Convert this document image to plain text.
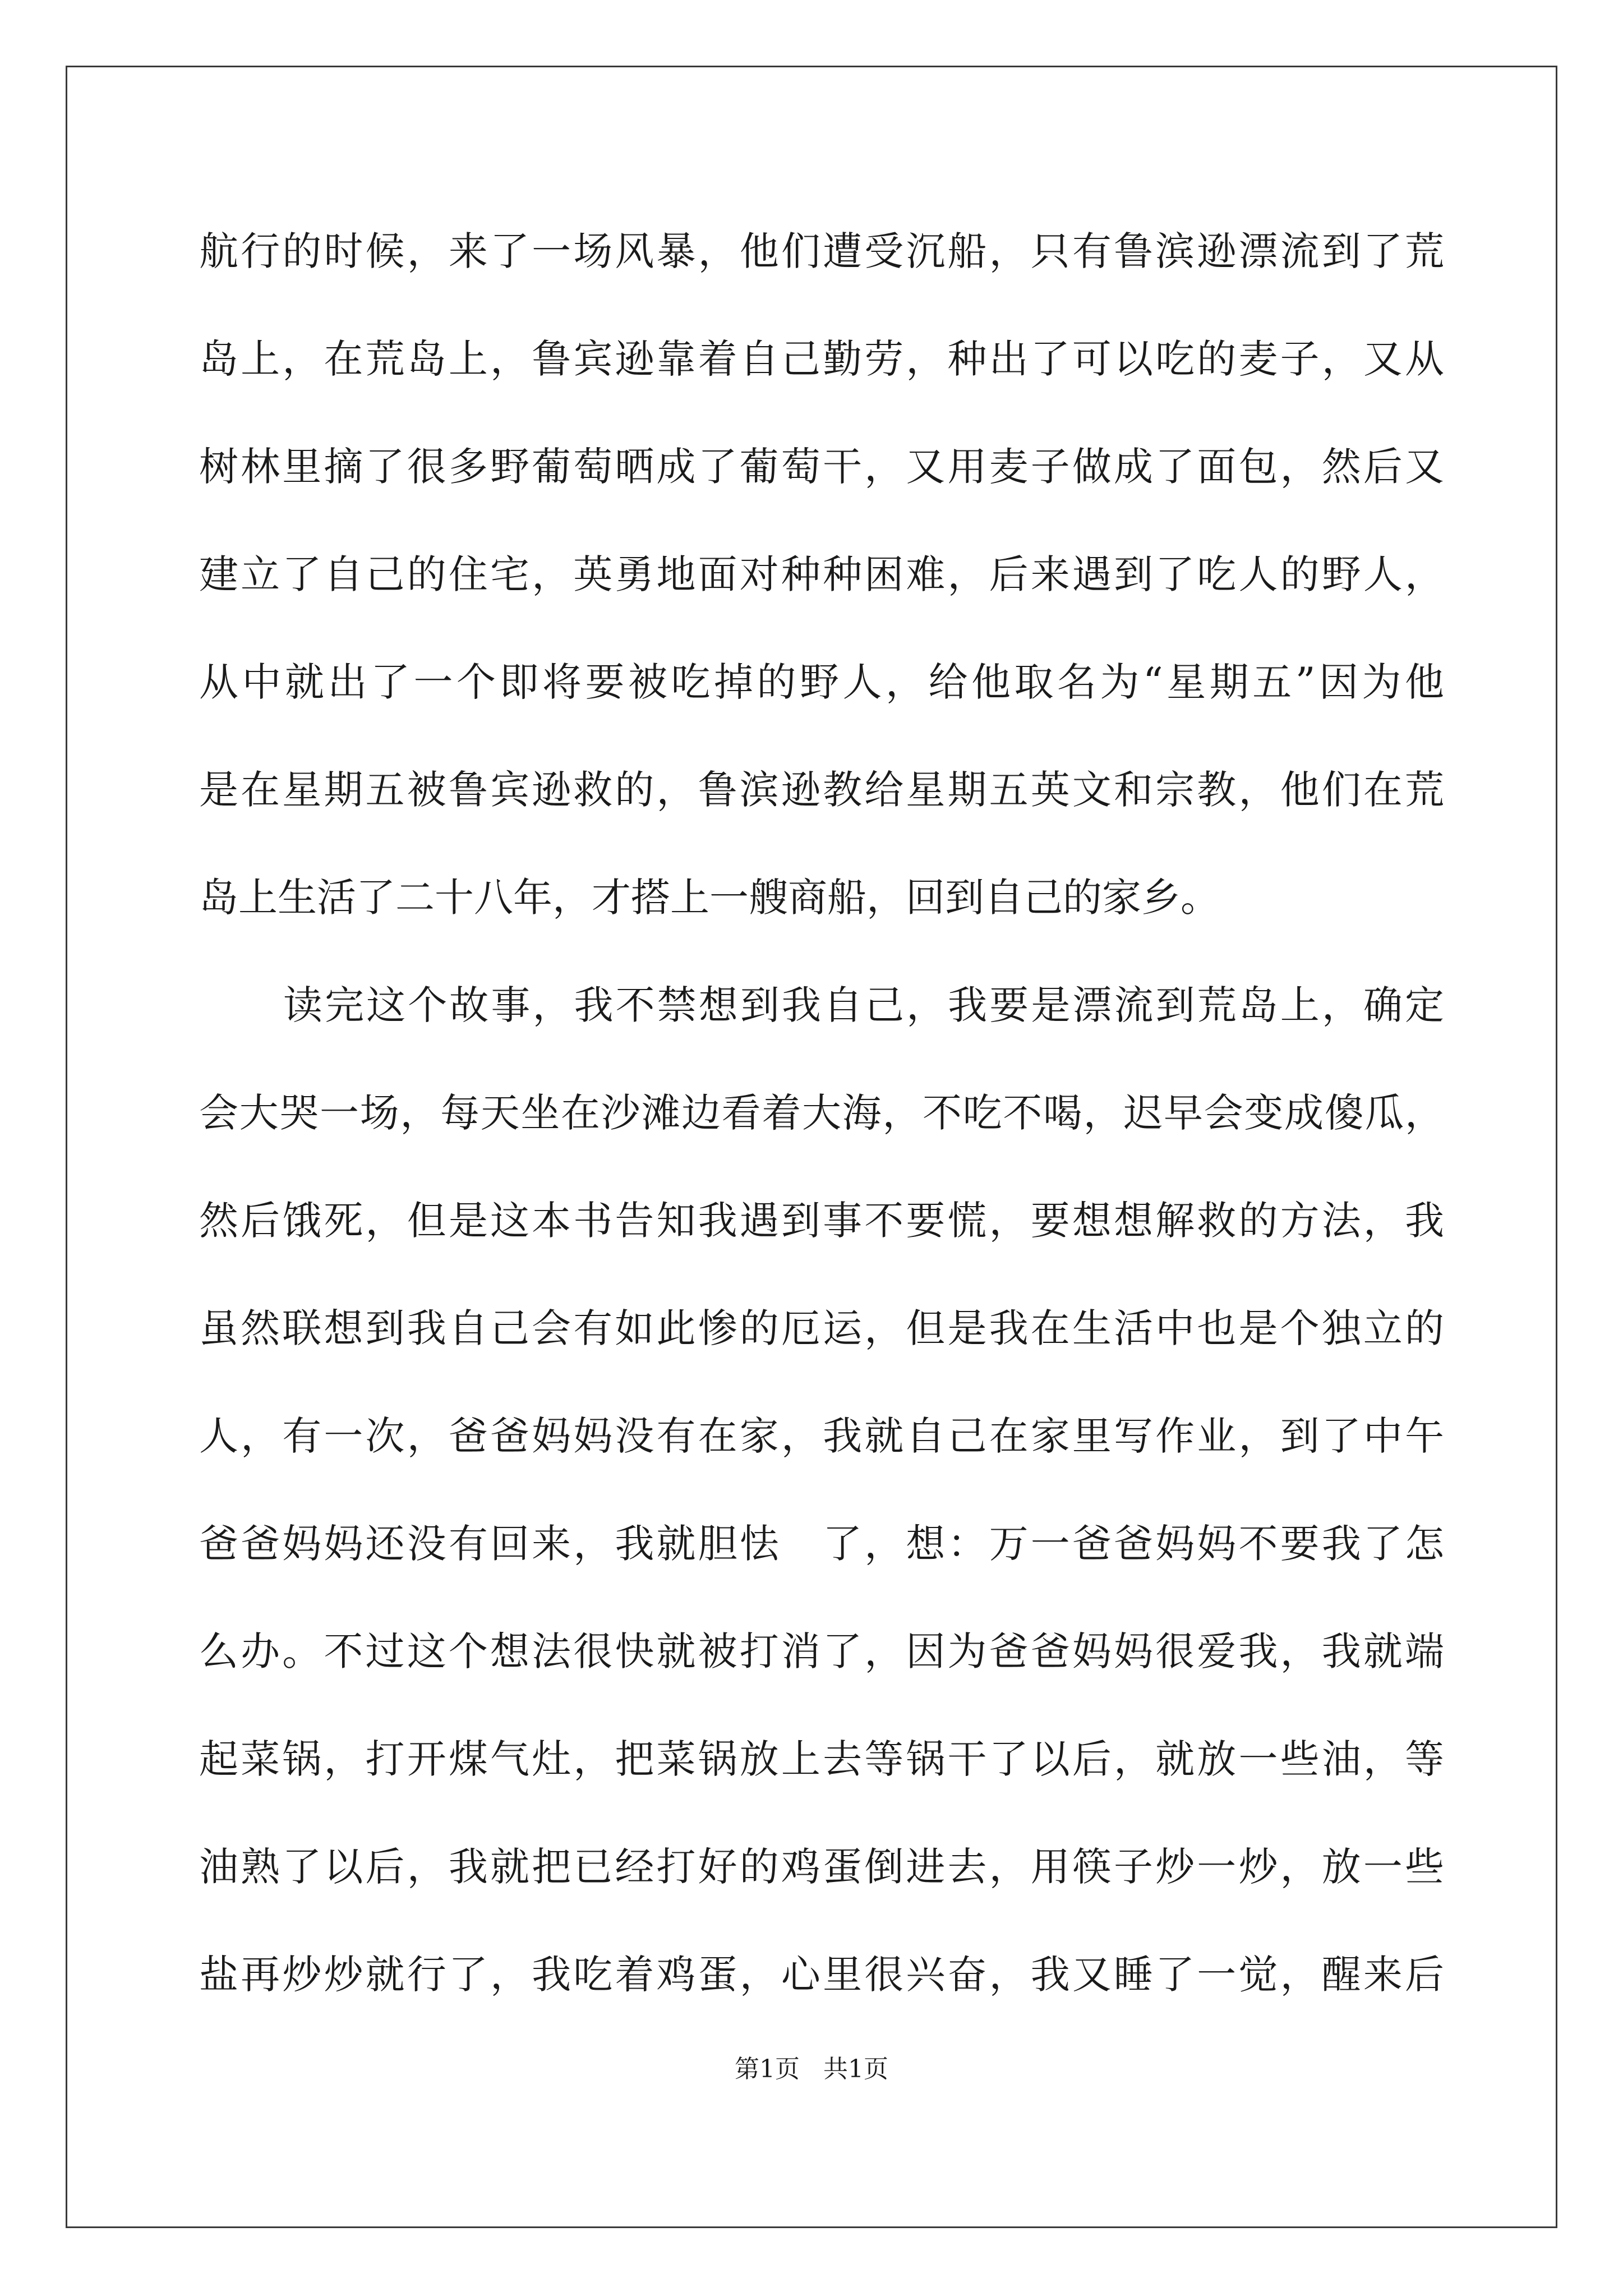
航行的时候，来了一场风暴，他们遭受沉船，只有鲁滨逊漂流到了荒
岛上，在荒岛上，鲁宾逊靠着自己勤劳，种出了可以吃的麦子，又从
树林里摘了很多野葡萄晒成了葡萄干，又用麦子做成了面包，然后又
建立了自己的住宅，英勇地面对种种困难，后来遇到了吃人的野人，
从中就出了一个即将要被吃掉的野人，给他取名为“星期五”因为他
是在星期五被鲁宾逊救的，鲁滨逊教给星期五英文和宗教，他们在荒
岛上生活了二十八年，才搭上一艘商船，回到自己的家乡。
读完这个故事，我不禁想到我自己，我要是漂流到荒岛上，确定
会大哭一场，每天坐在沙滩边看着大海，不吃不喝，迟早会变成傻瓜，
然后饿死，但是这本书告知我遇到事不要慌，要想想解救的方法，我
虽然联想到我自己会有如此惨的厄运，但是我在生活中也是个独立的
人，有一次，爸爸妈妈没有在家，我就自己在家里写作业，到了中午
爸爸妈妈还没有回来，我就胆怯　了，想：万一爸爸妈妈不要我了怎
么办。不过这个想法很快就被打消了，因为爸爸妈妈很爱我，我就端
起菜锅，打开煤气灶，把菜锅放上去等锅干了以后，就放一些油，等
油熟了以后，我就把已经打好的鸡蛋倒进去，用筷子炒一炒，放一些
盐再炒炒就行了，我吃着鸡蛋，心里很兴奋，我又睡了一觉，醒来后
第1页 共1页
